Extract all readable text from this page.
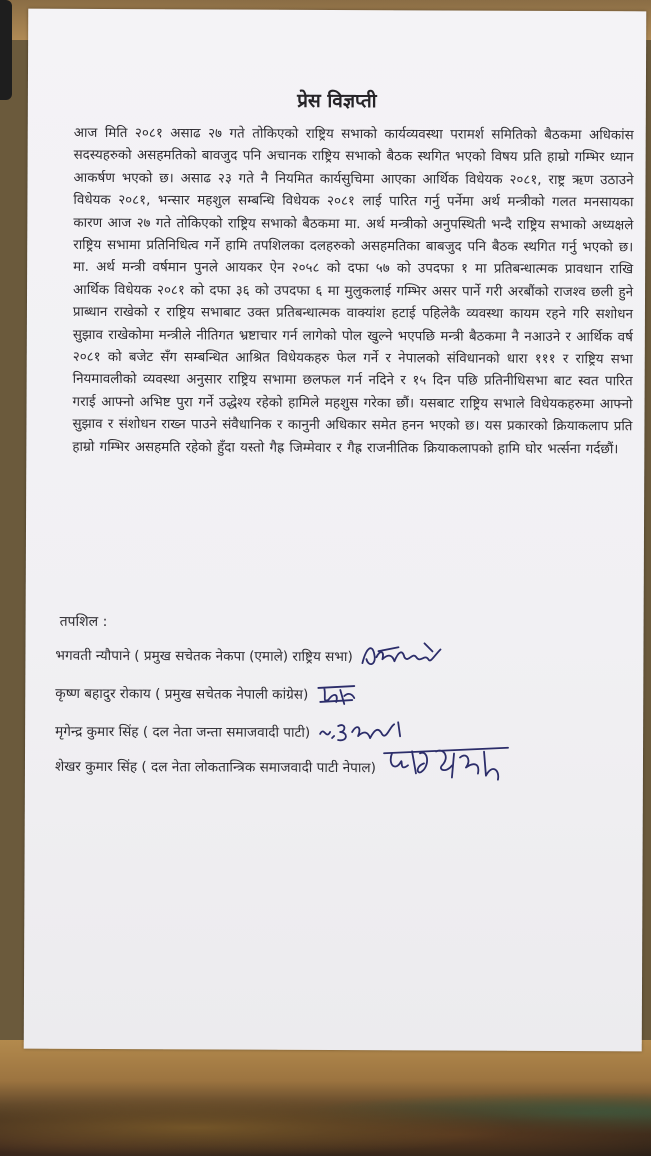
प्रेस विज्ञप्ती

आज मिति २०८१ असाढ २७ गते तोकिएको राष्ट्रिय सभाको कार्यव्यवस्था परामर्श समितिको बैठकमा अधिकांस सदस्यहरुको असहमतिको बावजुद पनि अचानक राष्ट्रिय सभाको बैठक स्थगित भएको विषय प्रति हाम्रो गम्भिर ध्यान आकर्षण भएको छ। असाढ २३ गते नै नियमित कार्यसुचिमा आएका आर्थिक विधेयक २०८१, राष्ट्र ऋण उठाउने विधेयक २०८१, भन्सार महशुल सम्बन्धि विधेयक २०८१ लाई पारित गर्नु पर्नेमा अर्थ मन्त्रीको गलत मनसायका कारण आज २७ गते तोकिएको राष्ट्रिय सभाको बैठकमा मा. अर्थ मन्त्रीको अनुपस्थिती भन्दै राष्ट्रिय सभाको अध्यक्षले राष्ट्रिय सभामा प्रतिनिधित्व गर्ने हामि तपशिलका दलहरुको असहमतिका बाबजुद पनि बैठक स्थगित गर्नु भएको छ। मा. अर्थ मन्त्री वर्षमान पुनले आयकर ऐन २०५८ को दफा ५७ को उपदफा १ मा प्रतिबन्धात्मक प्रावधान राखि आर्थिक विधेयक २०८१ को दफा ३६ को उपदफा ६ मा मुलुकलाई गम्भिर असर पार्ने गरी अरबौंको राजश्व छली हुने प्राब्धान राखेको र राष्ट्रिय सभाबाट उक्त प्रतिबन्धात्मक वाक्यांश हटाई पहिलेकै व्यवस्था कायम रहने गरि सशोधन सुझाव राखेकोमा मन्त्रीले नीतिगत भ्रष्टाचार गर्न लागेको पोल खुल्ने भएपछि मन्त्री बैठकमा नै नआउने र आर्थिक वर्ष २०८१ को बजेट सँग सम्बन्धित आश्रित विधेयकहरु फेल गर्ने र नेपालको संविधानको धारा १११ र राष्ट्रिय सभा नियमावलीको व्यवस्था अनुसार राष्ट्रिय सभामा छलफल गर्न नदिने र १५ दिन पछि प्रतिनीधिसभा बाट स्वत पारित गराई आफ्नो अभिष्ट पुरा गर्ने उद्धेश्य रहेको हामिले महशुस गरेका छौं। यसबाट राष्ट्रिय सभाले विधेयकहरुमा आफ्नो सुझाव र संशोधन राख्न पाउने संवैधानिक र कानुनी अधिकार समेत हनन भएको छ। यस प्रकारको क्रियाकलाप प्रति हाम्रो गम्भिर असहमति रहेको हुँदा यस्तो गैह्र जिम्मेवार र गैह्र राजनीतिक क्रियाकलापको हामि घोर भर्त्सना गर्दछौं।

तपशिल :
भगवती न्यौपाने ( प्रमुख सचेतक नेकपा (एमाले) राष्ट्रिय सभा)
कृष्ण बहादुर रोकाय ( प्रमुख सचेतक नेपाली कांग्रेस)
मृगेन्द्र कुमार सिंह ( दल नेता जन्ता समाजवादी पाटी)
शेखर कुमार सिंह ( दल नेता लोकतान्त्रिक समाजवादी पाटी नेपाल)
